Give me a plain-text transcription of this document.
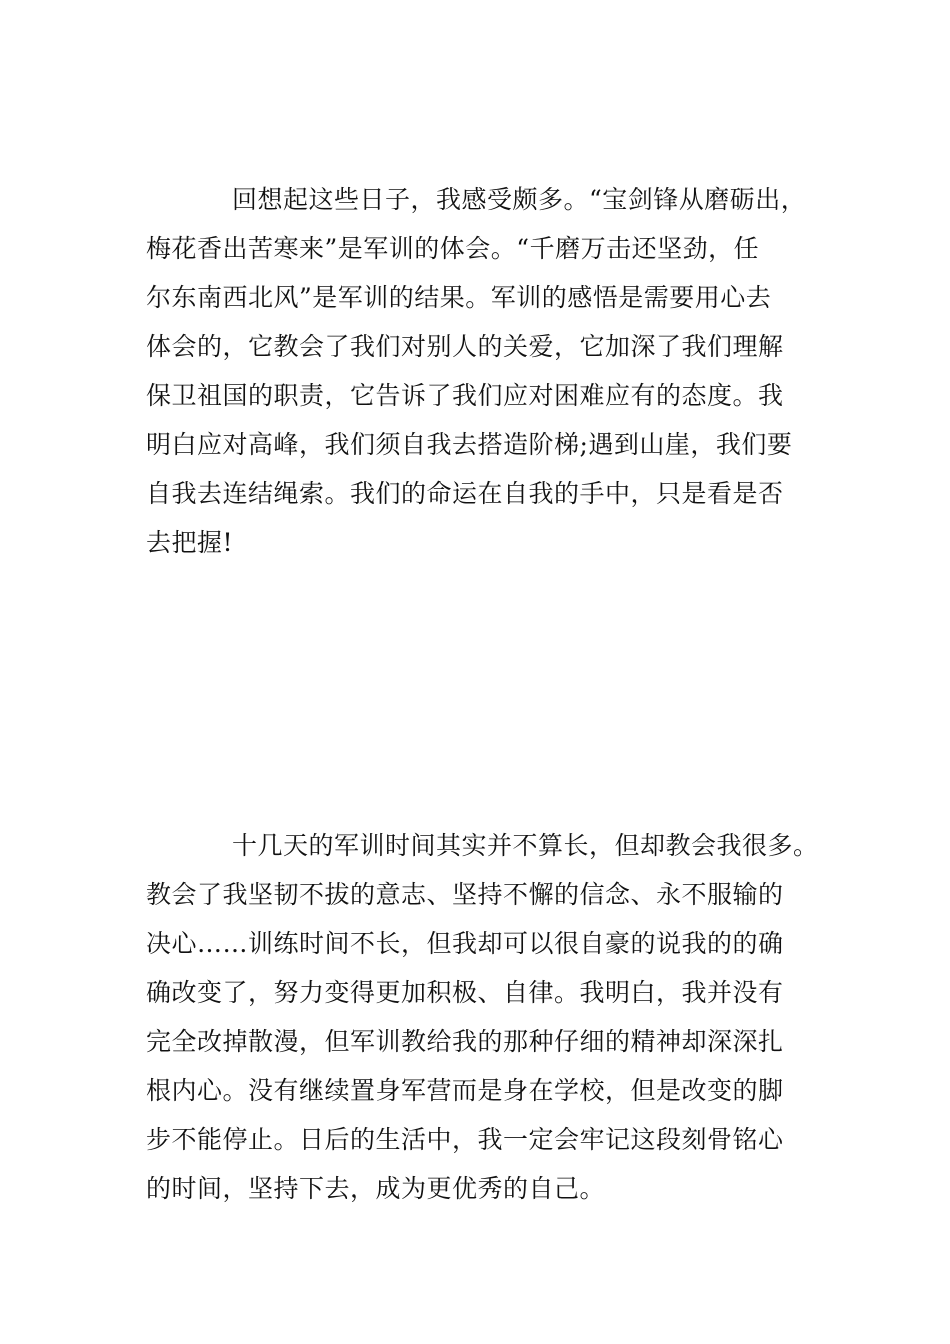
回想起这些日子，我感受颇多。“宝剑锋从磨砺出，
梅花香出苦寒来”是军训的体会。“千磨万击还坚劲，任
尔东南西北风”是军训的结果。军训的感悟是需要用心去
体会的，它教会了我们对别人的关爱，它加深了我们理解
保卫祖国的职责，它告诉了我们应对困难应有的态度。我
明白应对高峰，我们须自我去搭造阶梯;遇到山崖，我们要
自我去连结绳索。我们的命运在自我的手中，只是看是否
去把握!
十几天的军训时间其实并不算长，但却教会我很多。
教会了我坚韧不拔的意志、坚持不懈的信念、永不服输的
决心……训练时间不长，但我却可以很自豪的说我的的确
确改变了，努力变得更加积极、自律。我明白，我并没有
完全改掉散漫，但军训教给我的那种仔细的精神却深深扎
根内心。没有继续置身军营而是身在学校，但是改变的脚
步不能停止。日后的生活中，我一定会牢记这段刻骨铭心
的时间，坚持下去，成为更优秀的自己。
